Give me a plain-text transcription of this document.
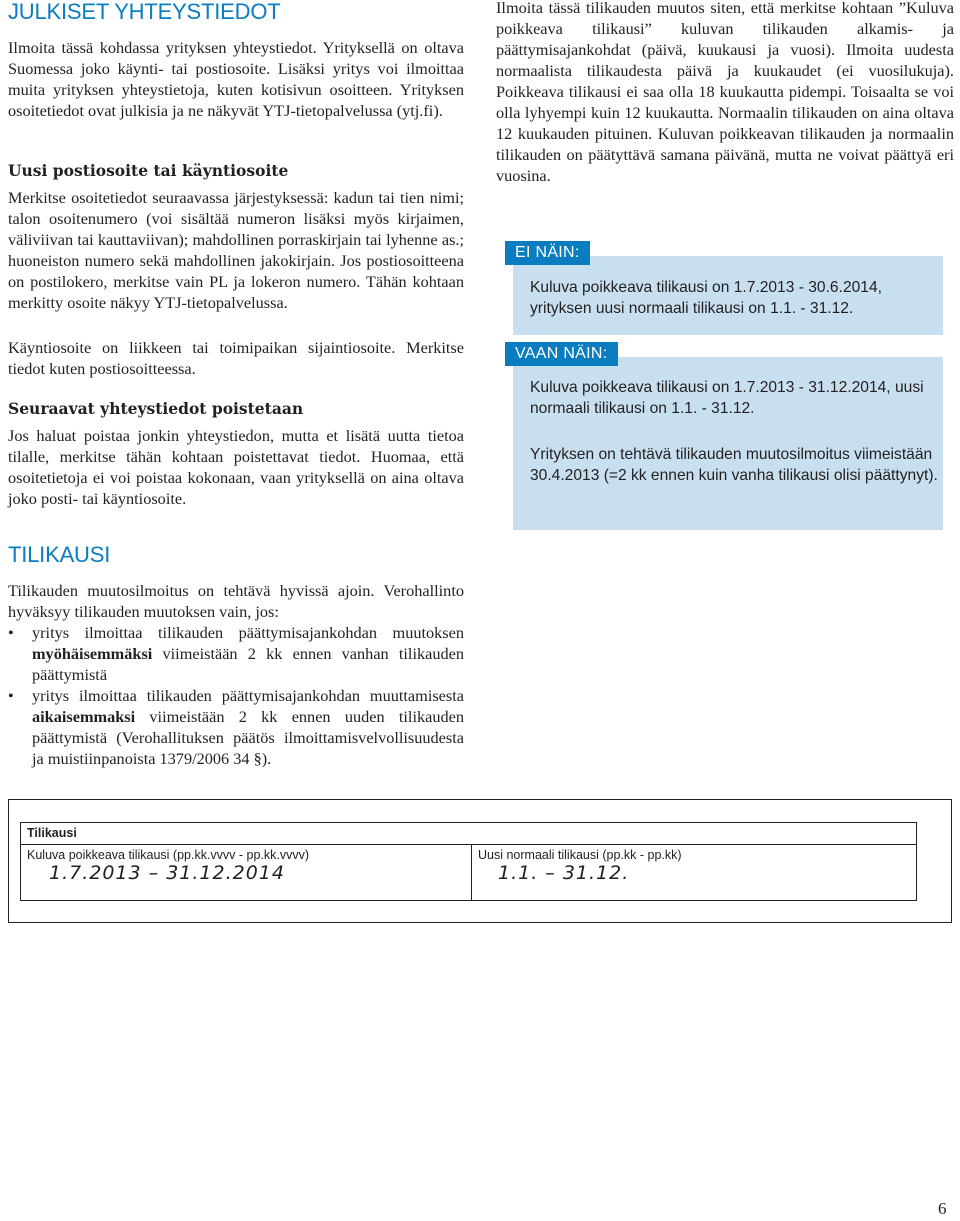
JULKISET YHTEYSTIEDOT

Ilmoita tässä kohdassa yrityksen yhteystiedot. Yrityksellä on oltava Suomessa joko käynti- tai postiosoite. Lisäksi yritys voi ilmoittaa muita yrityksen yhteystietoja, kuten kotisivun osoitteen. Yrityksen osoitetiedot ovat julkisia ja ne näkyvät YTJ-tietopalvelussa (ytj.fi).

Uusi postiosoite tai käyntiosoite

Merkitse osoitetiedot seuraavassa järjestyksessä: kadun tai tien nimi; talon osoitenumero (voi sisältää numeron lisäksi myös kirjaimen, väliviivan tai kauttaviivan); mahdollinen porraskirjain tai lyhenne as.; huoneiston numero sekä mahdollinen jakokirjain. Jos postiosoitteena on postilokero, merkitse vain PL ja lokeron numero. Tähän kohtaan merkitty osoite näkyy YTJ-tietopalvelussa.

Käyntiosoite on liikkeen tai toimipaikan sijaintiosoite. Merkitse tiedot kuten postiosoitteessa.

Seuraavat yhteystiedot poistetaan

Jos haluat poistaa jonkin yhteystiedon, mutta et lisätä uutta tietoa tilalle, merkitse tähän kohtaan poistettavat tiedot. Huomaa, että osoitetietoja ei voi poistaa kokonaan, vaan yrityksellä on aina oltava joko posti- tai käyntiosoite.

TILIKAUSI

Tilikauden muutosilmoitus on tehtävä hyvissä ajoin. Verohallinto hyväksyy tilikauden muutoksen vain, jos:

• yritys ilmoittaa tilikauden päättymisajankohdan muutoksen myöhäisemmäksi viimeistään 2 kk ennen vanhan tilikauden päättymistä
• yritys ilmoittaa tilikauden päättymisajankohdan muuttamisesta aikaisemmaksi viimeistään 2 kk ennen uuden tilikauden päättymistä (Verohallituksen päätös ilmoittamisvelvollisuudesta ja muistiinpanoista 1379/2006 34 §).

Ilmoita tässä tilikauden muutos siten, että merkitse kohtaan ”Kuluva poikkeava tilikausi” kuluvan tilikauden alkamis- ja päättymisajankohdat (päivä, kuukausi ja vuosi). Ilmoita uudesta normaalista tilikaudesta päivä ja kuukaudet (ei vuosilukuja). Poikkeava tilikausi ei saa olla 18 kuukautta pidempi. Toisaalta se voi olla lyhyempi kuin 12 kuukautta. Normaalin tilikauden on aina oltava 12 kuukauden pituinen. Kuluvan poikkeavan tilikauden ja normaalin tilikauden on päätyttävä samana päivänä, mutta ne voivat päättyä eri vuosina.

EI NÄIN:
Kuluva poikkeava tilikausi on 1.7.2013 - 30.6.2014, yrityksen uusi normaali tilikausi on 1.1. - 31.12.
VAAN NÄIN:
Kuluva poikkeava tilikausi on 1.7.2013 - 31.12.2014, uusi normaali tilikausi on 1.1. - 31.12.
Yrityksen on tehtävä tilikauden muutosilmoitus viimeistään 30.4.2013 (=2 kk ennen kuin vanha tilikausi olisi päättynyt).
Tilikausi
Kuluva poikkeava tilikausi (pp.kk.vvvv - pp.kk.vvvv)
1.7.2013 – 31.12.2014
Uusi normaali tilikausi (pp.kk - pp.kk)
1.1. – 31.12.
6
